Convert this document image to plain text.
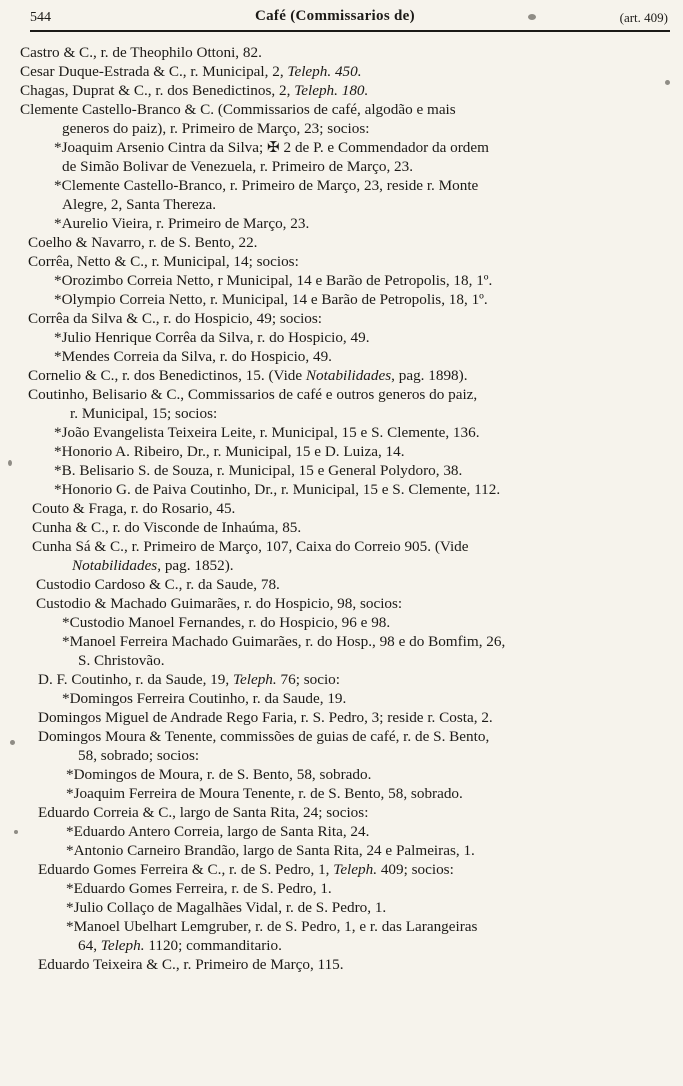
544	Café (Commissarios de)	(art. 409)
Castro & C., r. de Theophilo Ottoni, 82.
Cesar Duque-Estrada & C., r. Municipal, 2, Teleph. 450.
Chagas, Duprat & C., r. dos Benedictinos, 2, Teleph. 180.
Clemente Castello-Branco & C. (Commissarios de café, algodão e mais
generos do paiz), r. Primeiro de Março, 23; socios:
*Joaquim Arsenio Cintra da Silva; ✠ 2 de P. e Commendador da ordem
de Simão Bolivar de Venezuela, r. Primeiro de Março, 23.
*Clemente Castello-Branco, r. Primeiro de Março, 23, reside r. Monte
Alegre, 2, Santa Thereza.
*Aurelio Vieira, r. Primeiro de Março, 23.
Coelho & Navarro, r. de S. Bento, 22.
Corrêa, Netto & C., r. Municipal, 14; socios:
*Orozimbo Correia Netto, r Municipal, 14 e Barão de Petropolis, 18, 1º.
*Olympio Correia Netto, r. Municipal, 14 e Barão de Petropolis, 18, 1º.
Corrêa da Silva & C., r. do Hospicio, 49; socios:
*Julio Henrique Corrêa da Silva, r. do Hospicio, 49.
*Mendes Correia da Silva, r. do Hospicio, 49.
Cornelio & C., r. dos Benedictinos, 15. (Vide Notabilidades, pag. 1898).
Coutinho, Belisario & C., Commissarios de café e outros generos do paiz,
r. Municipal, 15; socios:
*João Evangelista Teixeira Leite, r. Municipal, 15 e S. Clemente, 136.
*Honorio A. Ribeiro, Dr., r. Municipal, 15 e D. Luiza, 14.
*B. Belisario S. de Souza, r. Municipal, 15 e General Polydoro, 38.
*Honorio G. de Paiva Coutinho, Dr., r. Municipal, 15 e S. Clemente, 112.
Couto & Fraga, r. do Rosario, 45.
Cunha & C., r. do Visconde de Inhaúma, 85.
Cunha Sá & C., r. Primeiro de Março, 107, Caixa do Correio 905. (Vide
Notabilidades, pag. 1852).
Custodio Cardoso & C., r. da Saude, 78.
Custodio & Machado Guimarães, r. do Hospicio, 98, socios:
*Custodio Manoel Fernandes, r. do Hospicio, 96 e 98.
*Manoel Ferreira Machado Guimarães, r. do Hosp., 98 e do Bomfim, 26,
S. Christovão.
D. F. Coutinho, r. da Saude, 19, Teleph. 76; socio:
*Domingos Ferreira Coutinho, r. da Saude, 19.
Domingos Miguel de Andrade Rego Faria, r. S. Pedro, 3; reside r. Costa, 2.
Domingos Moura & Tenente, commissões de guias de café, r. de S. Bento,
58, sobrado; socios:
*Domingos de Moura, r. de S. Bento, 58, sobrado.
*Joaquim Ferreira de Moura Tenente, r. de S. Bento, 58, sobrado.
Eduardo Correia & C., largo de Santa Rita, 24; socios:
*Eduardo Antero Correia, largo de Santa Rita, 24.
*Antonio Carneiro Brandão, largo de Santa Rita, 24 e Palmeiras, 1.
Eduardo Gomes Ferreira & C., r. de S. Pedro, 1, Teleph. 409; socios:
*Eduardo Gomes Ferreira, r. de S. Pedro, 1.
*Julio Collaço de Magalhães Vidal, r. de S. Pedro, 1.
*Manoel Ubelhart Lemgruber, r. de S. Pedro, 1, e r. das Larangeiras
64, Teleph. 1120; commanditario.
Eduardo Teixeira & C., r. Primeiro de Março, 115.
